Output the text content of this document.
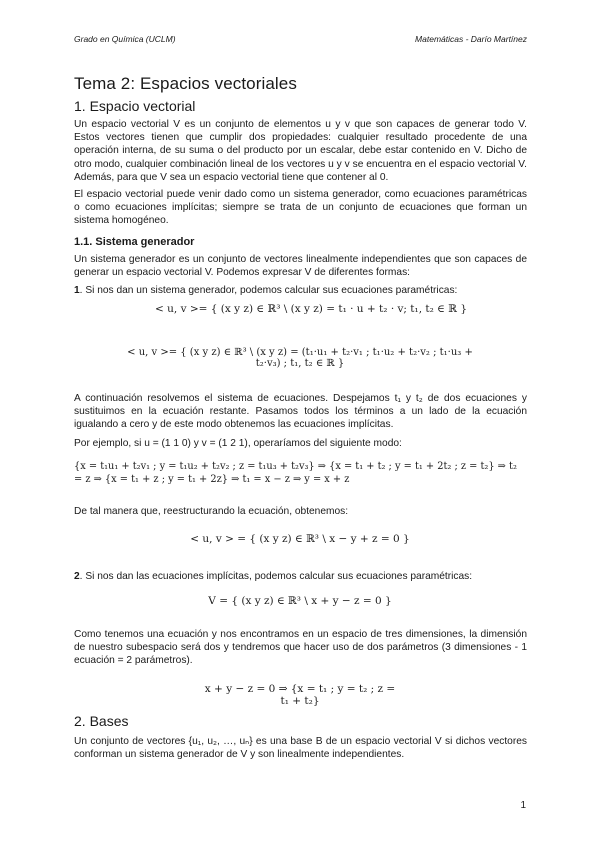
Grado en Química (UCLM)	Matemáticas - Darío Martínez
Tema 2: Espacios vectoriales
1. Espacio vectorial
Un espacio vectorial V es un conjunto de elementos u y v que son capaces de generar todo V. Estos vectores tienen que cumplir dos propiedades: cualquier resultado procedente de una operación interna, de su suma o del producto por un escalar, debe estar contenido en V. Dicho de otro modo, cualquier combinación lineal de los vectores u y v se encuentra en el espacio vectorial V. Además, para que V sea un espacio vectorial tiene que contener al 0.
El espacio vectorial puede venir dado como un sistema generador, como ecuaciones paramétricas o como ecuaciones implícitas; siempre se trata de un conjunto de ecuaciones que forman un sistema homogéneo.
1.1. Sistema generador
Un sistema generador es un conjunto de vectores linealmente independientes que son capaces de generar un espacio vectorial V. Podemos expresar V de diferentes formas:
1. Si nos dan un sistema generador, podemos calcular sus ecuaciones paramétricas:
< u, v >= { (x y z) ∈ ℝ³ \ (x y z) = t₁ · u + t₂ · v; t₁, t₂ ∈ ℝ }
< u, v >= { (x y z) ∈ ℝ³ \ (x y z) = (t₁·u₁ + t₂·v₁ ; t₁·u₂ + t₂·v₂ ; t₁·u₃ + t₂·v₃) ; t₁, t₂ ∈ ℝ }
A continuación resolvemos el sistema de ecuaciones. Despejamos t₁ y t₂ de dos ecuaciones y sustituimos en la ecuación restante. Pasamos todos los términos a un lado de la ecuación igualando a cero y de este modo obtenemos las ecuaciones implícitas.
Por ejemplo, si u = (1 1 0) y v = (1 2 1), operaríamos del siguiente modo:
{x = t₁u₁ + t₂v₁ ; y = t₁u₂ + t₂v₂ ; z = t₁u₃ + t₂v₃} ⇒ {x = t₁ + t₂ ; y = t₁ + 2t₂ ; z = t₂} ⇒ t₂ = z ⇒ {x = t₁ + z ; y = t₁ + 2z} ⇒ t₁ = x − z ⇒ y = x + z
De tal manera que, reestructurando la ecuación, obtenemos:
< u, v > = { (x y z) ∈ ℝ³ \ x − y + z = 0 }
2. Si nos dan las ecuaciones implícitas, podemos calcular sus ecuaciones paramétricas:
V = { (x y z) ∈ ℝ³ \ x + y − z = 0 }
Como tenemos una ecuación y nos encontramos en un espacio de tres dimensiones, la dimensión de nuestro subespacio será dos y tendremos que hacer uso de dos parámetros (3 dimensiones - 1 ecuación = 2 parámetros).
x + y − z = 0 ⇒ {x = t₁ ; y = t₂ ; z = t₁ + t₂}
2. Bases
Un conjunto de vectores {u₁, u₂, …, uₙ} es una base B de un espacio vectorial V si dichos vectores conforman un sistema generador de V y son linealmente independientes.
1
